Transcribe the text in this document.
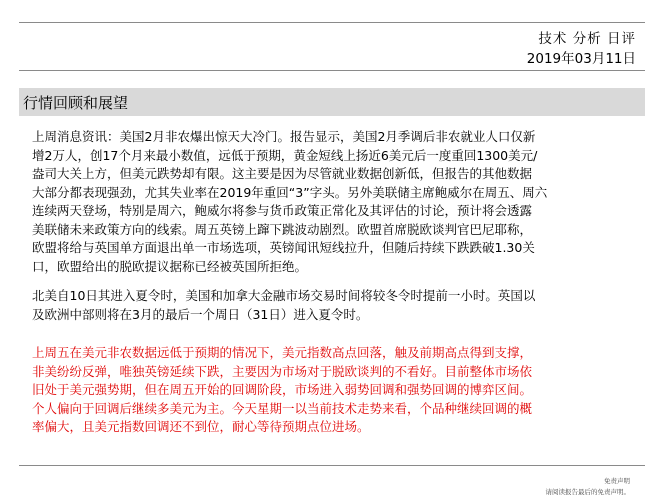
技术 分析 日评
2019年03月11日
行情回顾和展望
上周消息资讯：美国2月非农爆出惊天大冷门。报告显示，美国2月季调后非农就业人口仅新
增2万人，创17个月来最小数值，远低于预期，黄金短线上扬近6美元后一度重回1300美元/
盎司大关上方，但美元跌势却有限。这主要是因为尽管就业数据创新低，但报告的其他数据
大部分都表现强劲，尤其失业率在2019年重回“3”字头。另外美联储主席鲍威尔在周五、周六
连续两天登场，特别是周六，鲍威尔将参与货币政策正常化及其评估的讨论，预计将会透露
美联储未来政策方向的线索。周五英镑上蹿下跳波动剧烈。欧盟首席脱欧谈判官巴尼耶称，
欧盟将给与英国单方面退出单一市场选项，英镑闻讯短线拉升，但随后持续下跌跌破1.30关
口，欧盟给出的脱欧提议据称已经被英国所拒绝。
北美自10日其进入夏令时，美国和加拿大金融市场交易时间将较冬令时提前一小时。英国以
及欧洲中部则将在3月的最后一个周日（31日）进入夏令时。
上周五在美元非农数据远低于预期的情况下，美元指数高点回落，触及前期高点得到支撑，
非美纷纷反弹，唯独英镑延续下跌，主要因为市场对于脱欧谈判的不看好。目前整体市场依
旧处于美元强势期，但在周五开始的回调阶段，市场进入弱势回调和强势回调的博弈区间。
个人偏向于回调后继续多美元为主。今天星期一以当前技术走势来看，个品种继续回调的概
率偏大，且美元指数回调还不到位，耐心等待预期点位进场。
免责声明
请阅读报告最后的免责声明。
